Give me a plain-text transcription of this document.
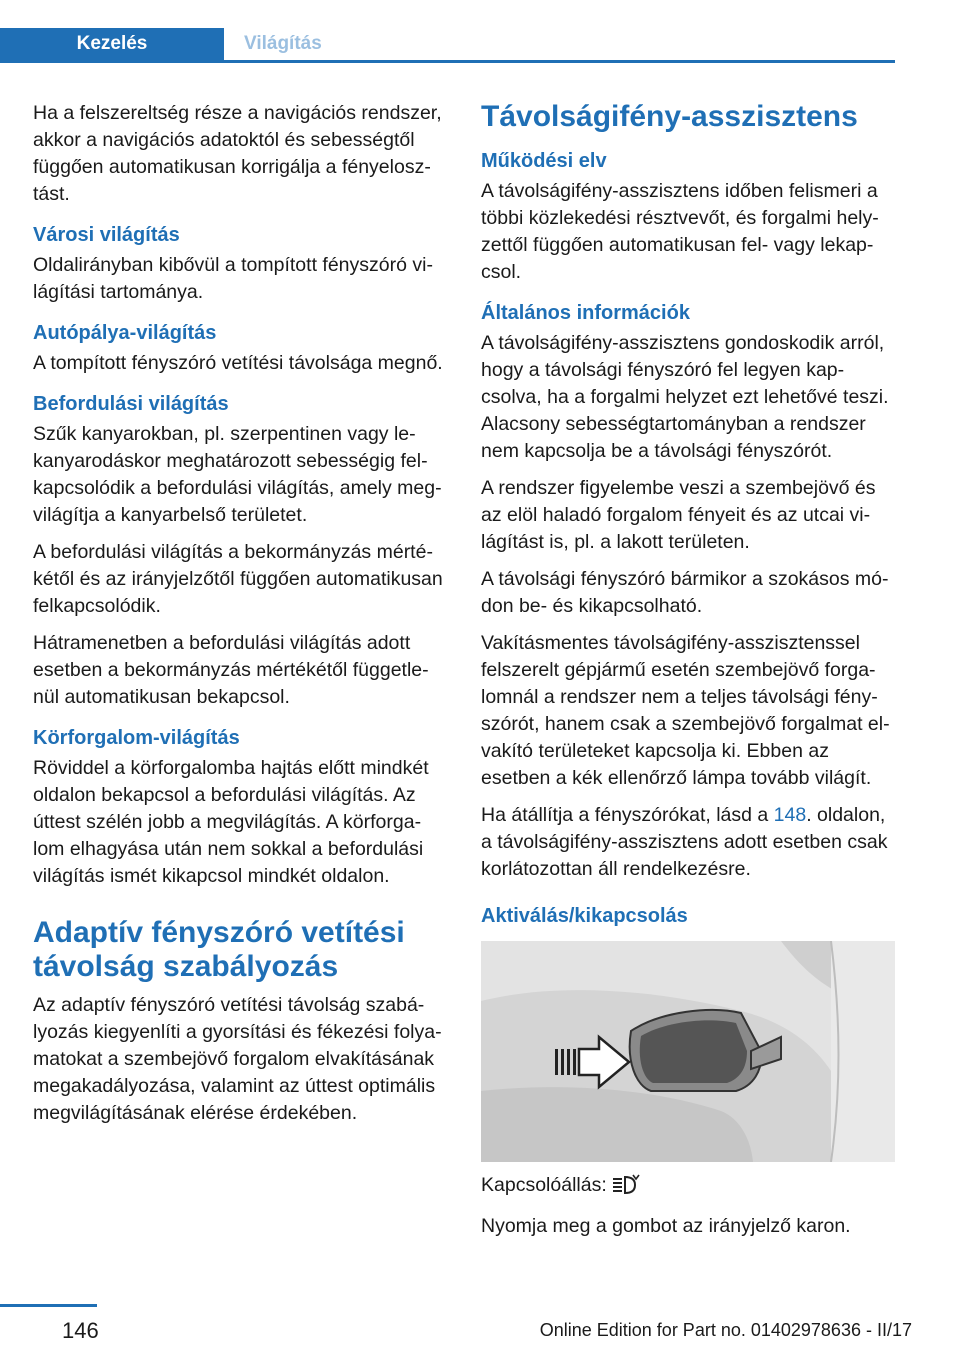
Kezelés	Világítás

Ha a felszereltség része a navigációs rendszer, akkor a navigációs adatoktól és sebességtől függően automatikusan korrigálja a fényelosztást.

Városi világítás

Oldalirányban kibővül a tompított fényszóró világítási tartománya.

Autópálya-világítás

A tompított fényszóró vetítési távolsága megnő.

Befordulási világítás

Szűk kanyarokban, pl. szerpentinen vagy lekanyarodáskor meghatározott sebességig felkapcsolódik a befordulási világítás, amely megvilágítja a kanyarbelső területet.

A befordulási világítás a bekormányzás mértékétől és az irányjelzőtől függően automatikusan felkapcsolódik.

Hátramenetben a befordulási világítás adott esetben a bekormányzás mértékétől függetlenül automatikusan bekapcsol.

Körforgalom-világítás

Röviddel a körforgalomba hajtás előtt mindkét oldalon bekapcsol a befordulási világítás. Az úttest szélén jobb a megvilágítás. A körforgalom elhagyása után nem sokkal a befordulási világítás ismét kikapcsol mindkét oldalon.

Adaptív fényszóró vetítési távolság szabályozás

Az adaptív fényszóró vetítési távolság szabályozás kiegyenlíti a gyorsítási és fékezési folyamatokat a szembejövő forgalom elvakításának megakadályozása, valamint az úttest optimális megvilágításának elérése érdekében.

Távolságifény-asszisztens
Működési elv

A távolságifény-asszisztens időben felismeri a többi közlekedési résztvevőt, és forgalmi helyzettől függően automatikusan fel- vagy lekapcsol.

Általános információk

A távolságifény-asszisztens gondoskodik arról, hogy a távolsági fényszóró fel legyen kapcsolva, ha a forgalmi helyzet ezt lehetővé teszi. Alacsony sebességtartományban a rendszer nem kapcsolja be a távolsági fényszórót.

A rendszer figyelembe veszi a szembejövő és az elöl haladó forgalom fényeit és az utcai világítást is, pl. a lakott területen.

A távolsági fényszóró bármikor a szokásos módon be- és kikapcsolható.

Vakításmentes távolságifény-asszisztenssel felszerelt gépjármű esetén szembejövő forgalomnál a rendszer nem a teljes távolsági fényszórót, hanem csak a szembejövő forgalmat elvakító területeket kapcsolja ki. Ebben az esetben a kék ellenőrző lámpa tovább világít.

Ha átállítja a fényszórókat, lásd a 148. oldalon, a távolságifény-asszisztens adott esetben csak korlátozottan áll rendelkezésre.

Aktiválás/kikapcsolás

Kapcsolóállás:

Nyomja meg a gombot az irányjelző karon.

146	Online Edition for Part no. 01402978636 - II/17
